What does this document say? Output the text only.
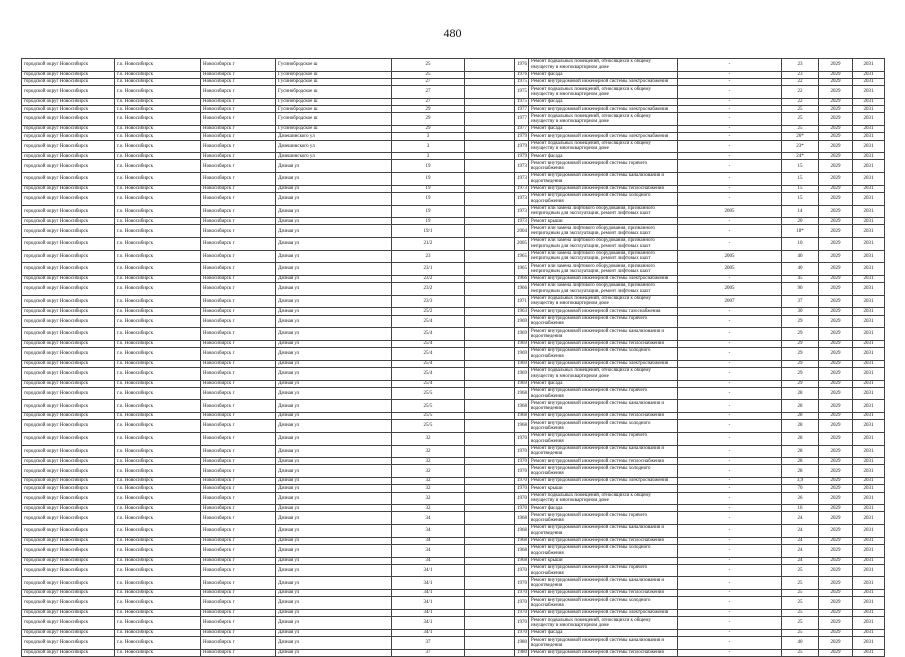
480
городской округ Новосибирск	г.о. Новосибирск	Новосибирск г	Гусинобродское ш	25		1976	Ремонт подвальных помещений, относящихся к общему имуществу в многоквартирном доме	-	23	2029	2031
городской округ Новосибирск	г.о. Новосибирск	Новосибирск г	Гусинобродское ш	25		1976	Ремонт фасада	-	23	2029	2031
городской округ Новосибирск	г.о. Новосибирск	Новосибирск г	Гусинобродское ш	27		1975	Ремонт внутридомовой инженерной системы электроснабжения	-	22	2029	2031
городской округ Новосибирск	г.о. Новосибирск	Новосибирск г	Гусинобродское ш	27		1975	Ремонт подвальных помещений, относящихся к общему имуществу в многоквартирном доме	-	22	2029	2031
городской округ Новосибирск	г.о. Новосибирск	Новосибирск г	Гусинобродское ш	27		1975	Ремонт фасада	-	22	2029	2031
городской округ Новосибирск	г.о. Новосибирск	Новосибирск г	Гусинобродское ш	29		1977	Ремонт внутридомовой инженерной системы электроснабжения	-	25	2029	2031
городской округ Новосибирск	г.о. Новосибирск	Новосибирск г	Гусинобродское ш	29		1977	Ремонт подвальных помещений, относящихся к общему имуществу в многоквартирном доме	-	25	2029	2031
городской округ Новосибирск	г.о. Новосибирск	Новосибирск г	Гусинобродское ш	29		1977	Ремонт фасада	-	25	2029	2031
городской округ Новосибирск	г.о. Новосибирск	Новосибирск г	Дачешинского ул	3		1979	Ремонт внутридомовой инженерной системы электроснабжения	-	26*	2029	2031
городской округ Новосибирск	г.о. Новосибирск	Новосибирск г	Дачешинского ул	3		1979	Ремонт подвальных помещений, относящихся к общему имуществу в многоквартирном доме	-	23*	2029	2031
городской округ Новосибирск	г.о. Новосибирск	Новосибирск г	Дачешинского ул	3		1979	Ремонт фасада	-	24*	2029	2031
городской округ Новосибирск	г.о. Новосибирск	Новосибирск г	Дачная ул	19		1973	Ремонт внутридомовой инженерной системы горячего водоснабжения	-	15	2029	2031
городской округ Новосибирск	г.о. Новосибирск	Новосибирск г	Дачная ул	19		1973	Ремонт внутридомовой инженерной системы канализования и водоотведения	-	15	2029	2031
городской округ Новосибирск	г.о. Новосибирск	Новосибирск г	Дачная ул	19		1973	Ремонт внутридомовой инженерной системы теплоснабжения	-	15	2029	2031
городской округ Новосибирск	г.о. Новосибирск	Новосибирск г	Дачная ул	19		1973	Ремонт внутридомовой инженерной системы холодного водоснабжения	-	15	2029	2031
городской округ Новосибирск	г.о. Новосибирск	Новосибирск г	Дачная ул	19		1973	Ремонт или замена лифтового оборудования, признанного непригодным для эксплуатации, ремонт лифтовых шахт	2005	14	2029	2031
городской округ Новосибирск	г.о. Новосибирск	Новосибирск г	Дачная ул	19		1973	Ремонт крыши	-	20	2029	2031
городской округ Новосибирск	г.о. Новосибирск	Новосибирск г	Дачная ул	19/1		2004	Ремонт или замена лифтового оборудования, признанного непригодным для эксплуатации, ремонт лифтовых шахт	-	18*	2029	2031
городской округ Новосибирск	г.о. Новосибирск	Новосибирск г	Дачная ул	21/2		2005	Ремонт или замена лифтового оборудования, признанного непригодным для эксплуатации, ремонт лифтовых шахт	-	10	2029	2031
городской округ Новосибирск	г.о. Новосибирск	Новосибирск г	Дачная ул	23		1965	Ремонт или замена лифтового оборудования, признанного непригодным для эксплуатации, ремонт лифтовых шахт	2005	40	2029	2031
городской округ Новосибирск	г.о. Новосибирск	Новосибирск г	Дачная ул	23/1		1965	Ремонт или замена лифтового оборудования, признанного непригодным для эксплуатации, ремонт лифтовых шахт	2005	40	2029	2031
городской округ Новосибирск	г.о. Новосибирск	Новосибирск г	Дачная ул	23/2		1966	Ремонт внутридомовой инженерной системы электроснабжения	-	45	2029	2031
городской округ Новосибирск	г.о. Новосибирск	Новосибирск г	Дачная ул	23/2		1966	Ремонт или замена лифтового оборудования, признанного непригодным для эксплуатации, ремонт лифтовых шахт	2005	90	2029	2031
городской округ Новосибирск	г.о. Новосибирск	Новосибирск г	Дачная ул	23/3		1971	Ремонт подвальных помещений, относящихся к общему имуществу в многоквартирном доме	2007	37	2029	2031
городской округ Новосибирск	г.о. Новосибирск	Новосибирск г	Дачная ул	25/2		1963	Ремонт внутридомовой инженерной системы газоснабжения	-	30	2029	2031
городской округ Новосибирск	г.о. Новосибирск	Новосибирск г	Дачная ул	25/4		1969	Ремонт внутридомовой инженерной системы горячего водоснабжения	-	29	2029	2031
городской округ Новосибирск	г.о. Новосибирск	Новосибирск г	Дачная ул	25/4		1969	Ремонт внутридомовой инженерной системы канализования и водоотведения	-	29	2029	2031
городской округ Новосибирск	г.о. Новосибирск	Новосибирск г	Дачная ул	25/4		1969	Ремонт внутридомовой инженерной системы теплоснабжения	-	29	2029	2031
городской округ Новосибирск	г.о. Новосибирск	Новосибирск г	Дачная ул	25/4		1969	Ремонт внутридомовой инженерной системы холодного водоснабжения	-	29	2029	2031
городской округ Новосибирск	г.о. Новосибирск	Новосибирск г	Дачная ул	25/4		1969	Ремонт внутридомовой инженерной системы электроснабжения	-	29	2029	2031
городской округ Новосибирск	г.о. Новосибирск	Новосибирск г	Дачная ул	25/4		1969	Ремонт подвальных помещений, относящихся к общему имуществу в многоквартирном доме	-	29	2029	2031
городской округ Новосибирск	г.о. Новосибирск	Новосибирск г	Дачная ул	25/4		1969	Ремонт фасада	-	29	2029	2031
городской округ Новосибирск	г.о. Новосибирск	Новосибирск г	Дачная ул	25/5		1968	Ремонт внутридомовой инженерной системы горячего водоснабжения	-	28	2029	2031
городской округ Новосибирск	г.о. Новосибирск	Новосибирск г	Дачная ул	25/5		1968	Ремонт внутридомовой инженерной системы канализования и водоотведения	-	28	2029	2031
городской округ Новосибирск	г.о. Новосибирск	Новосибирск г	Дачная ул	25/5		1968	Ремонт внутридомовой инженерной системы теплоснабжения	-	28	2029	2031
городской округ Новосибирск	г.о. Новосибирск	Новосибирск г	Дачная ул	25/5		1968	Ремонт внутридомовой инженерной системы холодного водоснабжения	-	28	2029	2031
городской округ Новосибирск	г.о. Новосибирск	Новосибирск г	Дачная ул	32		1970	Ремонт внутридомовой инженерной системы горячего водоснабжения	-	28	2029	2031
городской округ Новосибирск	г.о. Новосибирск	Новосибирск г	Дачная ул	32		1970	Ремонт внутридомовой инженерной системы канализования и водоотведения	-	28	2029	2031
городской округ Новосибирск	г.о. Новосибирск	Новосибирск г	Дачная ул	32		1970	Ремонт внутридомовой инженерной системы теплоснабжения	-	28	2029	2031
городской округ Новосибирск	г.о. Новосибирск	Новосибирск г	Дачная ул	32		1970	Ремонт внутридомовой инженерной системы холодного водоснабжения	-	28	2029	2031
городской округ Новосибирск	г.о. Новосибирск	Новосибирск г	Дачная ул	32		1970	Ремонт внутридомовой инженерной системы электроснабжения	-	3,9	2029	2031
городской округ Новосибирск	г.о. Новосибирск	Новосибирск г	Дачная ул	32		1970	Ремонт крыши	-	70	2029	2031
городской округ Новосибирск	г.о. Новосибирск	Новосибирск г	Дачная ул	32		1970	Ремонт подвальных помещений, относящихся к общему имуществу в многоквартирном доме	-	26	2029	2031
городской округ Новосибирск	г.о. Новосибирск	Новосибирск г	Дачная ул	32		1970	Ремонт фасада	-	16	2029	2031
городской округ Новосибирск	г.о. Новосибирск	Новосибирск г	Дачная ул	34		1968	Ремонт внутридомовой инженерной системы горячего водоснабжения	-	24	2029	2031
городской округ Новосибирск	г.о. Новосибирск	Новосибирск г	Дачная ул	34		1968	Ремонт внутридомовой инженерной системы канализования и водоотведения	-	24	2029	2031
городской округ Новосибирск	г.о. Новосибирск	Новосибирск г	Дачная ул	34		1968	Ремонт внутридомовой инженерной системы теплоснабжения	-	24	2029	2031
городской округ Новосибирск	г.о. Новосибирск	Новосибирск г	Дачная ул	34		1968	Ремонт внутридомовой инженерной системы холодного водоснабжения	-	24	2029	2031
городской округ Новосибирск	г.о. Новосибирск	Новосибирск г	Дачная ул	34		1968	Ремонт крыши	-	24	2029	2031
городской округ Новосибирск	г.о. Новосибирск	Новосибирск г	Дачная ул	34/1		1970	Ремонт внутридомовой инженерной системы горячего водоснабжения	-	25	2029	2031
городской округ Новосибирск	г.о. Новосибирск	Новосибирск г	Дачная ул	34/1		1970	Ремонт внутридомовой инженерной системы канализования и водоотведения	-	25	2029	2031
городской округ Новосибирск	г.о. Новосибирск	Новосибирск г	Дачная ул	34/1		1970	Ремонт внутридомовой инженерной системы теплоснабжения	-	25	2029	2031
городской округ Новосибирск	г.о. Новосибирск	Новосибирск г	Дачная ул	34/1		1970	Ремонт внутридомовой инженерной системы холодного водоснабжения	-	25	2029	2031
городской округ Новосибирск	г.о. Новосибирск	Новосибирск г	Дачная ул	34/1		1970	Ремонт внутридомовой инженерной системы электроснабжения	-	25	2029	2031
городской округ Новосибирск	г.о. Новосибирск	Новосибирск г	Дачная ул	34/1		1970	Ремонт подвальных помещений, относящихся к общему имуществу в многоквартирном доме	-	25	2029	2031
городской округ Новосибирск	г.о. Новосибирск	Новосибирск г	Дачная ул	34/1		1970	Ремонт фасада	-	25	2029	2031
городской округ Новосибирск	г.о. Новосибирск	Новосибирск г	Дачная ул	37		1980	Ремонт внутридомовой инженерной системы канализования и водоотведения	-	40	2029	2031
городской округ Новосибирск	г.о. Новосибирск	Новосибирск г	Дачная ул	37		1980	Ремонт внутридомовой инженерной системы теплоснабжения	-	25	2029	2031
